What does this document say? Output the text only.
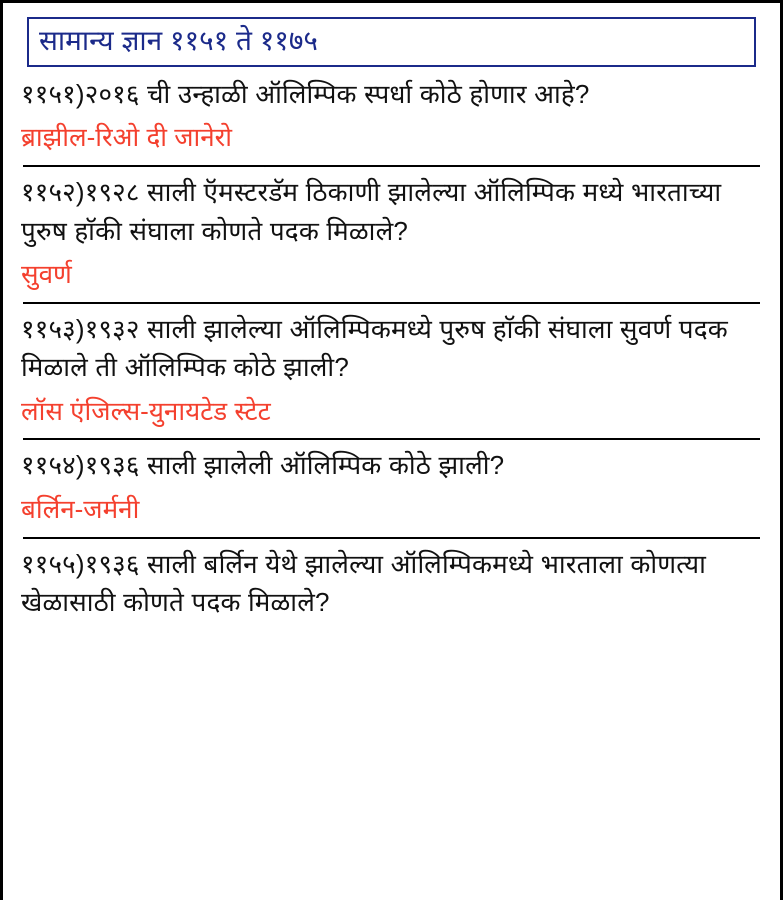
सामान्य ज्ञान ११५१ ते ११७५
११५१)२०१६ ची उन्हाळी ऑलिम्पिक स्पर्धा कोठे होणार आहे?
ब्राझील-रिओ दी जानेरो
११५२)१९२८ साली ऍमस्टरडॅम ठिकाणी झालेल्या ऑलिम्पिक मध्ये भारताच्या पुरुष हाॅकी संघाला कोणते पदक मिळाले?
सुवर्ण
११५३)१९३२ साली झालेल्या ऑलिम्पिकमध्ये पुरुष हाॅकी संघाला सुवर्ण पदक मिळाले ती ऑलिम्पिक कोठे झाली?
लॉस एंजिल्स-युनायटेड स्टेट
११५४)१९३६ साली झालेली ऑलिम्पिक कोठे झाली?
बर्लिन-जर्मनी
११५५)१९३६ साली बर्लिन येथे झालेल्या ऑलिम्पिकमध्ये भारताला कोणत्या खेळासाठी कोणते पदक मिळाले?
